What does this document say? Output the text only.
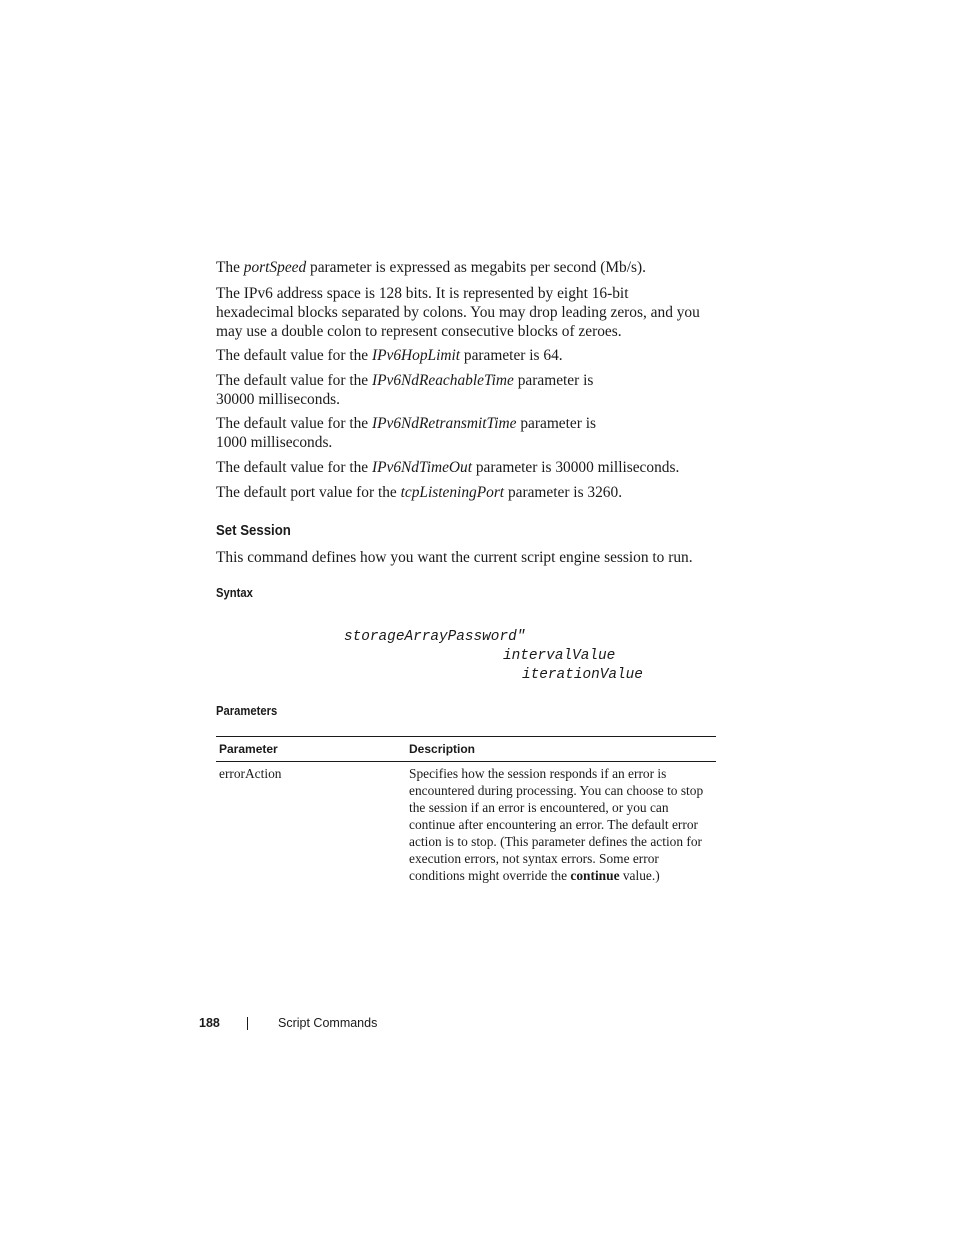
The portSpeed parameter is expressed as megabits per second (Mb/s).

The IPv6 address space is 128 bits. It is represented by eight 16-bit
hexadecimal blocks separated by colons. You may drop leading zeros, and you
may use a double colon to represent consecutive blocks of zeroes.

The default value for the IPv6HopLimit parameter is 64.

The default value for the IPv6NdReachableTime parameter is
30000 milliseconds.

The default value for the IPv6NdRetransmitTime parameter is
1000 milliseconds.

The default value for the IPv6NdTimeOut parameter is 30000 milliseconds.

The default port value for the tcpListeningPort parameter is 3260.

Set Session

This command defines how you want the current script engine session to run.

Syntax
storageArrayPassword"
intervalValue
iterationValue
Parameters
Parameter	Description
errorAction	Specifies how the session responds if an error is encountered during processing. You can choose to stop the session if an error is encountered, or you can continue after encountering an error. The default error action is to stop. (This parameter defines the action for execution errors, not syntax errors. Some error conditions might override the continue value.)
188	Script Commands
